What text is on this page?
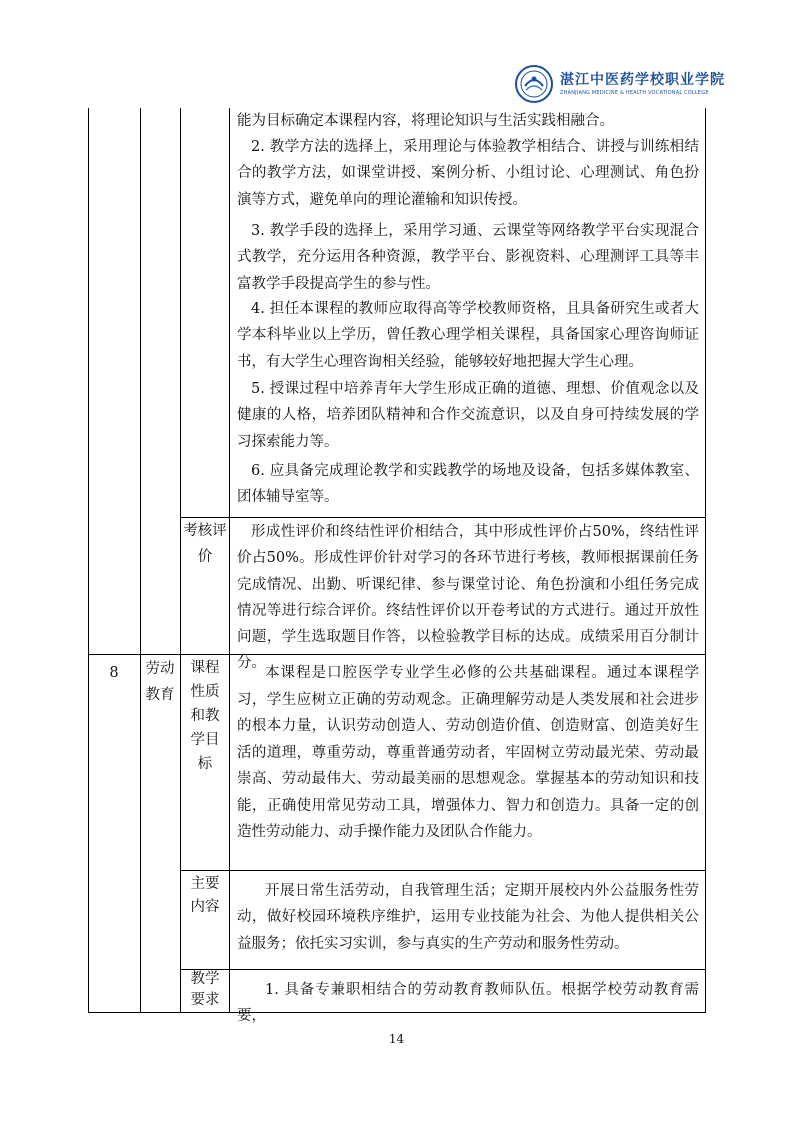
湛江中医药学校职业学院
ZHANJIANG MEDICINE & HEALTH VOCATIONAL COLLEGE

能为目标确定本课程内容，将理论知识与生活实践相融合。

2. 教学方法的选择上，采用理论与体验教学相结合、讲授与训练相结合的教学方法，如课堂讲授、案例分析、小组讨论、心理测试、角色扮演等方式，避免单向的理论灌输和知识传授。

3. 教学手段的选择上，采用学习通、云课堂等网络教学平台实现混合式教学，充分运用各种资源，教学平台、影视资料、心理测评工具等丰富教学手段提高学生的参与性。

4. 担任本课程的教师应取得高等学校教师资格，且具备研究生或者大学本科毕业以上学历，曾任教心理学相关课程，具备国家心理咨询师证书，有大学生心理咨询相关经验，能够较好地把握大学生心理。

5. 授课过程中培养青年大学生形成正确的道德、理想、价值观念以及健康的人格，培养团队精神和合作交流意识，以及自身可持续发展的学习探索能力等。

6. 应具备完成理论教学和实践教学的场地及设备，包括多媒体教室、团体辅导室等。

考核评价

形成性评价和终结性评价相结合，其中形成性评价占50%，终结性评价占50%。形成性评价针对学习的各环节进行考核，教师根据课前任务完成情况、出勤、听课纪律、参与课堂讨论、角色扮演和小组任务完成情况等进行综合评价。终结性评价以开卷考试的方式进行。通过开放性问题，学生选取题目作答，以检验教学目标的达成。成绩采用百分制计分。

8	劳动教育
课程性质和教学目标

本课程是口腔医学专业学生必修的公共基础课程。通过本课程学习，学生应树立正确的劳动观念。正确理解劳动是人类发展和社会进步的根本力量，认识劳动创造人、劳动创造价值、创造财富、创造美好生活的道理，尊重劳动，尊重普通劳动者，牢固树立劳动最光荣、劳动最崇高、劳动最伟大、劳动最美丽的思想观念。掌握基本的劳动知识和技能，正确使用常见劳动工具，增强体力、智力和创造力。具备一定的创造性劳动能力、动手操作能力及团队合作能力。

主要内容

开展日常生活劳动，自我管理生活；定期开展校内外公益服务性劳动，做好校园环境秩序维护，运用专业技能为社会、为他人提供相关公益服务；依托实习实训，参与真实的生产劳动和服务性劳动。

教学要求

1. 具备专兼职相结合的劳动教育教师队伍。根据学校劳动教育需要，

14
